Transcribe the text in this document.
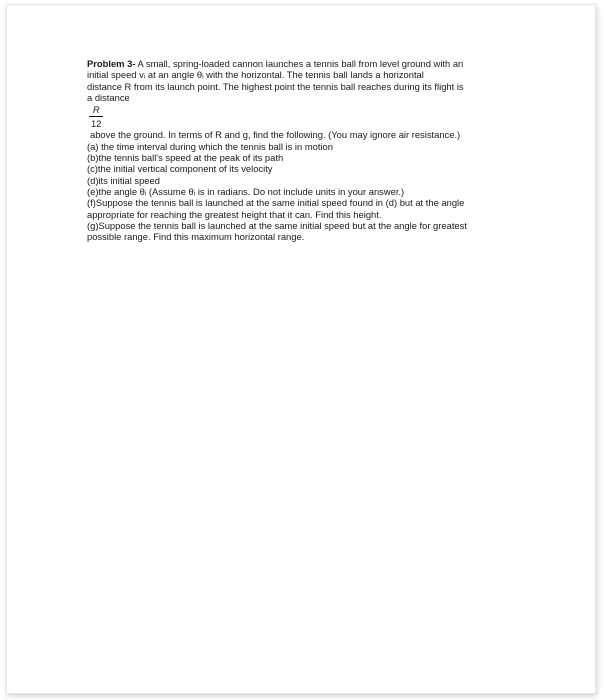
Problem 3- A small, spring-loaded cannon launches a tennis ball from level ground with an

initial speed vᵢ at an angle θᵢ with the horizontal. The tennis ball lands a horizontal

distance R from its launch point. The highest point the tennis ball reaches during its flight is

a distance

$\frac{R}{12}$

above the ground. In terms of R and g, find the following. (You may ignore air resistance.)

(a) the time interval during which the tennis ball is in motion

(b)the tennis ball's speed at the peak of its path

(c)the initial vertical component of its velocity

(d)its initial speed

(e)the angle θᵢ (Assume θᵢ is in radians. Do not include units in your answer.)

(f)Suppose the tennis ball is launched at the same initial speed found in (d) but at the angle

appropriate for reaching the greatest height that it can. Find this height.

(g)Suppose the tennis ball is launched at the same initial speed but at the angle for greatest

possible range. Find this maximum horizontal range.
